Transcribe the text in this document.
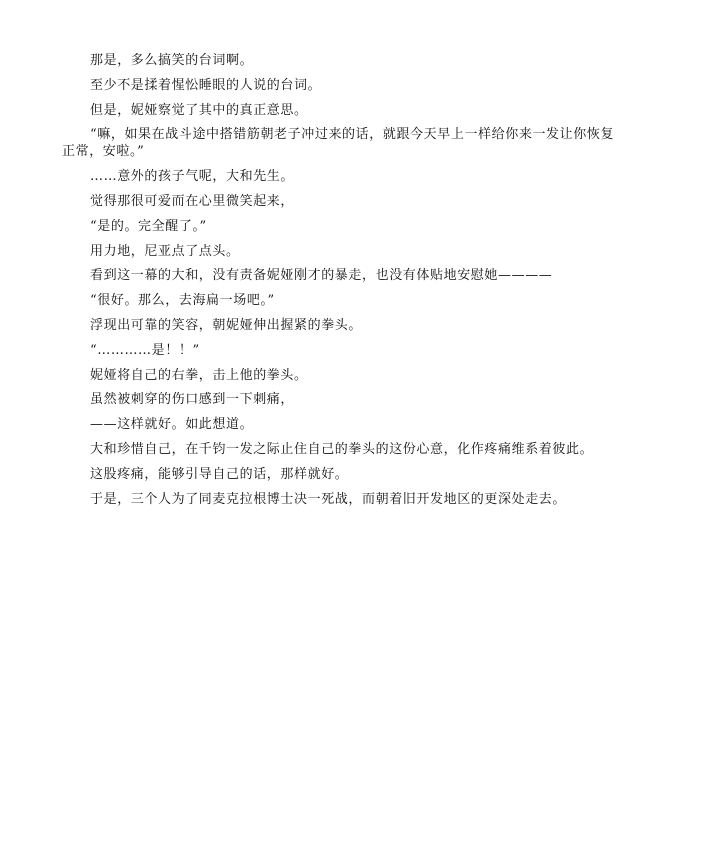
那是，多么搞笑的台词啊。

至少不是揉着惺忪睡眼的人说的台词。

但是，妮娅察觉了其中的真正意思。

“嘛，如果在战斗途中搭错筋朝老子冲过来的话，就跟今天早上一样给你来一发让你恢复正常，安啦。”

……意外的孩子气呢，大和先生。

觉得那很可爱而在心里微笑起来，

“是的。完全醒了。”

用力地，尼亚点了点头。

看到这一幕的大和，没有责备妮娅刚才的暴走，也没有体贴地安慰她————

“很好。那么，去海扁一场吧。”

浮现出可靠的笑容，朝妮娅伸出握紧的拳头。

“…………是！！”

妮娅将自己的右拳，击上他的拳头。

虽然被刺穿的伤口感到一下刺痛，

——这样就好。如此想道。

大和珍惜自己，在千钧一发之际止住自己的拳头的这份心意，化作疼痛维系着彼此。

这股疼痛，能够引导自己的话，那样就好。

于是，三个人为了同麦克拉根博士决一死战，而朝着旧开发地区的更深处走去。
